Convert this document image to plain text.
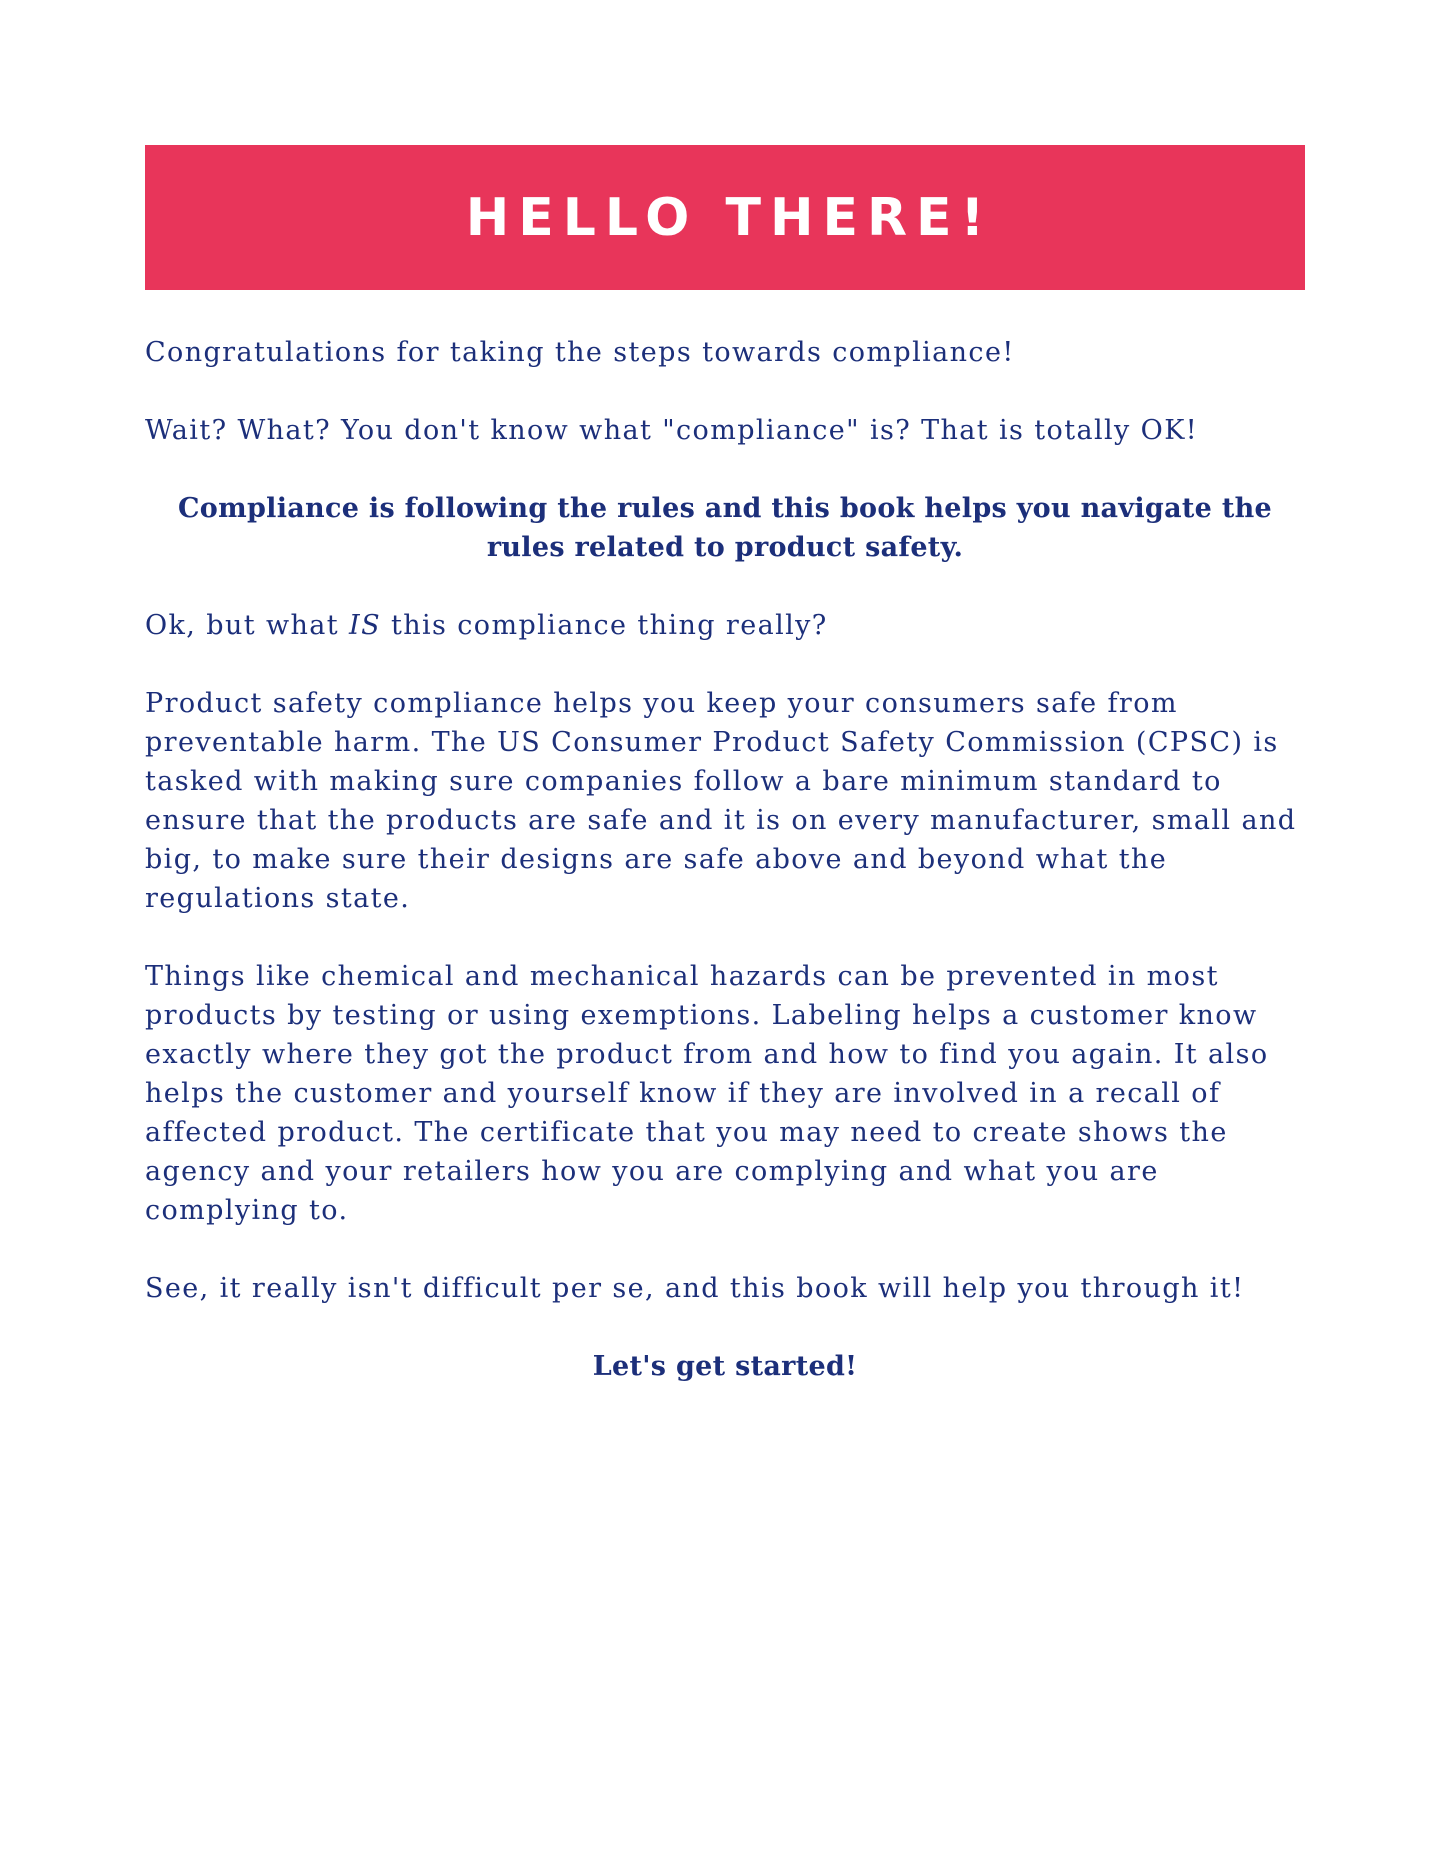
HELLO THERE!

Congratulations for taking the steps towards compliance!

Wait? What? You don't know what "compliance" is? That is totally OK!

Compliance is following the rules and this book helps you navigate the rules related to product safety.

Ok, but what IS this compliance thing really?

Product safety compliance helps you keep your consumers safe from preventable harm. The US Consumer Product Safety Commission (CPSC) is tasked with making sure companies follow a bare minimum standard to ensure that the products are safe and it is on every manufacturer, small and big, to make sure their designs are safe above and beyond what the regulations state.

Things like chemical and mechanical hazards can be prevented in most products by testing or using exemptions. Labeling helps a customer know exactly where they got the product from and how to find you again. It also helps the customer and yourself know if they are involved in a recall of affected product. The certificate that you may need to create shows the agency and your retailers how you are complying and what you are complying to.

See, it really isn't difficult per se, and this book will help you through it!

Let's get started!
